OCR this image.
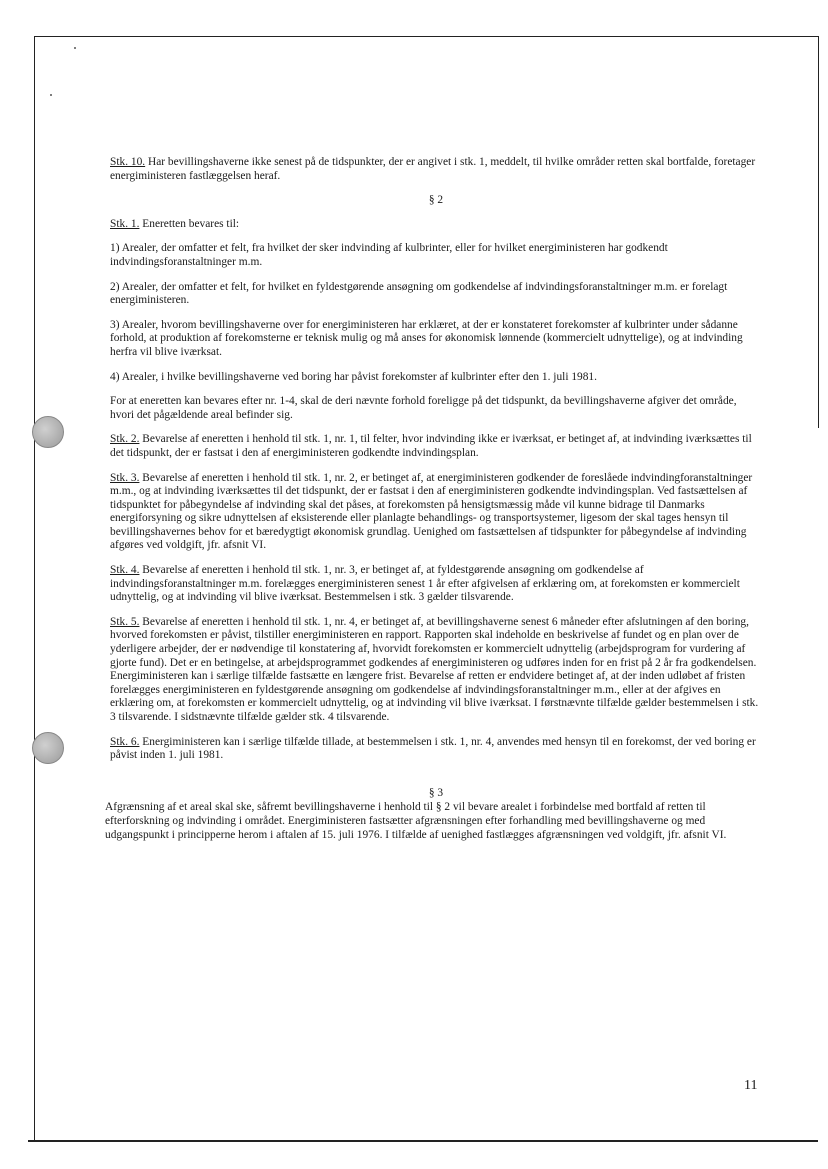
Stk. 10. Har bevillingshaverne ikke senest på de tidspunkter, der er angivet i stk. 1, meddelt, til hvilke områder retten skal bortfalde, foretager energiministeren fastlæggelsen heraf.

§ 2

Stk. 1. Eneretten bevares til:

1) Arealer, der omfatter et felt, fra hvilket der sker indvinding af kulbrinter, eller for hvilket energiministeren har godkendt indvindingsforanstaltninger m.m.

2) Arealer, der omfatter et felt, for hvilket en fyldestgørende ansøgning om godkendelse af indvindingsforanstaltninger m.m. er forelagt energiministeren.

3) Arealer, hvorom bevillingshaverne over for energiministeren har erklæret, at der er konstateret forekomster af kulbrinter under sådanne forhold, at produktion af forekomsterne er teknisk mulig og må anses for økonomisk lønnende (kommercielt udnyttelige), og at indvinding herfra vil blive iværksat.

4) Arealer, i hvilke bevillingshaverne ved boring har påvist forekomster af kulbrinter efter den 1. juli 1981.

For at eneretten kan bevares efter nr. 1-4, skal de deri nævnte forhold foreligge på det tidspunkt, da bevillingshaverne afgiver det område, hvori det pågældende areal befinder sig.

Stk. 2. Bevarelse af eneretten i henhold til stk. 1, nr. 1, til felter, hvor indvinding ikke er iværksat, er betinget af, at indvinding iværksættes til det tidspunkt, der er fastsat i den af energiministeren godkendte indvindingsplan.

Stk. 3. Bevarelse af eneretten i henhold til stk. 1, nr. 2, er betinget af, at energiministeren godkender de foreslåede indvindingforanstaltninger m.m., og at indvinding iværksættes til det tidspunkt, der er fastsat i den af energiministeren godkendte indvindingsplan. Ved fastsættelsen af tidspunktet for påbegyndelse af indvinding skal det påses, at forekomsten på hensigtsmæssig måde vil kunne bidrage til Danmarks energiforsyning og sikre udnyttelsen af eksisterende eller planlagte behandlings- og transportsystemer, ligesom der skal tages hensyn til bevillingshavernes behov for et bæredygtigt økonomisk grundlag. Uenighed om fastsættelsen af tidspunkter for påbegyndelse af indvinding afgøres ved voldgift, jfr. afsnit VI.

Stk. 4. Bevarelse af eneretten i henhold til stk. 1, nr. 3, er betinget af, at fyldestgørende ansøgning om godkendelse af indvindingsforanstaltninger m.m. forelægges energiministeren senest 1 år efter afgivelsen af erklæring om, at forekomsten er kommercielt udnyttelig, og at indvinding vil blive iværksat. Bestemmelsen i stk. 3 gælder tilsvarende.

Stk. 5. Bevarelse af eneretten i henhold til stk. 1, nr. 4, er betinget af, at bevillingshaverne senest 6 måneder efter afslutningen af den boring, hvorved forekomsten er påvist, tilstiller energiministeren en rapport. Rapporten skal indeholde en beskrivelse af fundet og en plan over de yderligere arbejder, der er nødvendige til konstatering af, hvorvidt forekomsten er kommercielt udnyttelig (arbejdsprogram for vurdering af gjorte fund). Det er en betingelse, at arbejdsprogrammet godkendes af energiministeren og udføres inden for en frist på 2 år fra godkendelsen. Energiministeren kan i særlige tilfælde fastsætte en længere frist. Bevarelse af retten er endvidere betinget af, at der inden udløbet af fristen forelægges energiministeren en fyldestgørende ansøgning om godkendelse af indvindingsforanstaltninger m.m., eller at der afgives en erklæring om, at forekomsten er kommercielt udnyttelig, og at indvinding vil blive iværksat. I førstnævnte tilfælde gælder bestemmelsen i stk. 3 tilsvarende. I sidstnævnte tilfælde gælder stk. 4 tilsvarende.

Stk. 6. Energiministeren kan i særlige tilfælde tillade, at bestemmelsen i stk. 1, nr. 4, anvendes med hensyn til en forekomst, der ved boring er påvist inden 1. juli 1981.

§ 3

Afgrænsning af et areal skal ske, såfremt bevillingshaverne i henhold til § 2 vil bevare arealet i forbindelse med bortfald af retten til efterforskning og indvinding i området. Energiministeren fastsætter afgrænsningen efter forhandling med bevillingshaverne og med udgangspunkt i principperne herom i aftalen af 15. juli 1976. I tilfælde af uenighed fastlægges afgrænsningen ved voldgift, jfr. afsnit VI.

11
